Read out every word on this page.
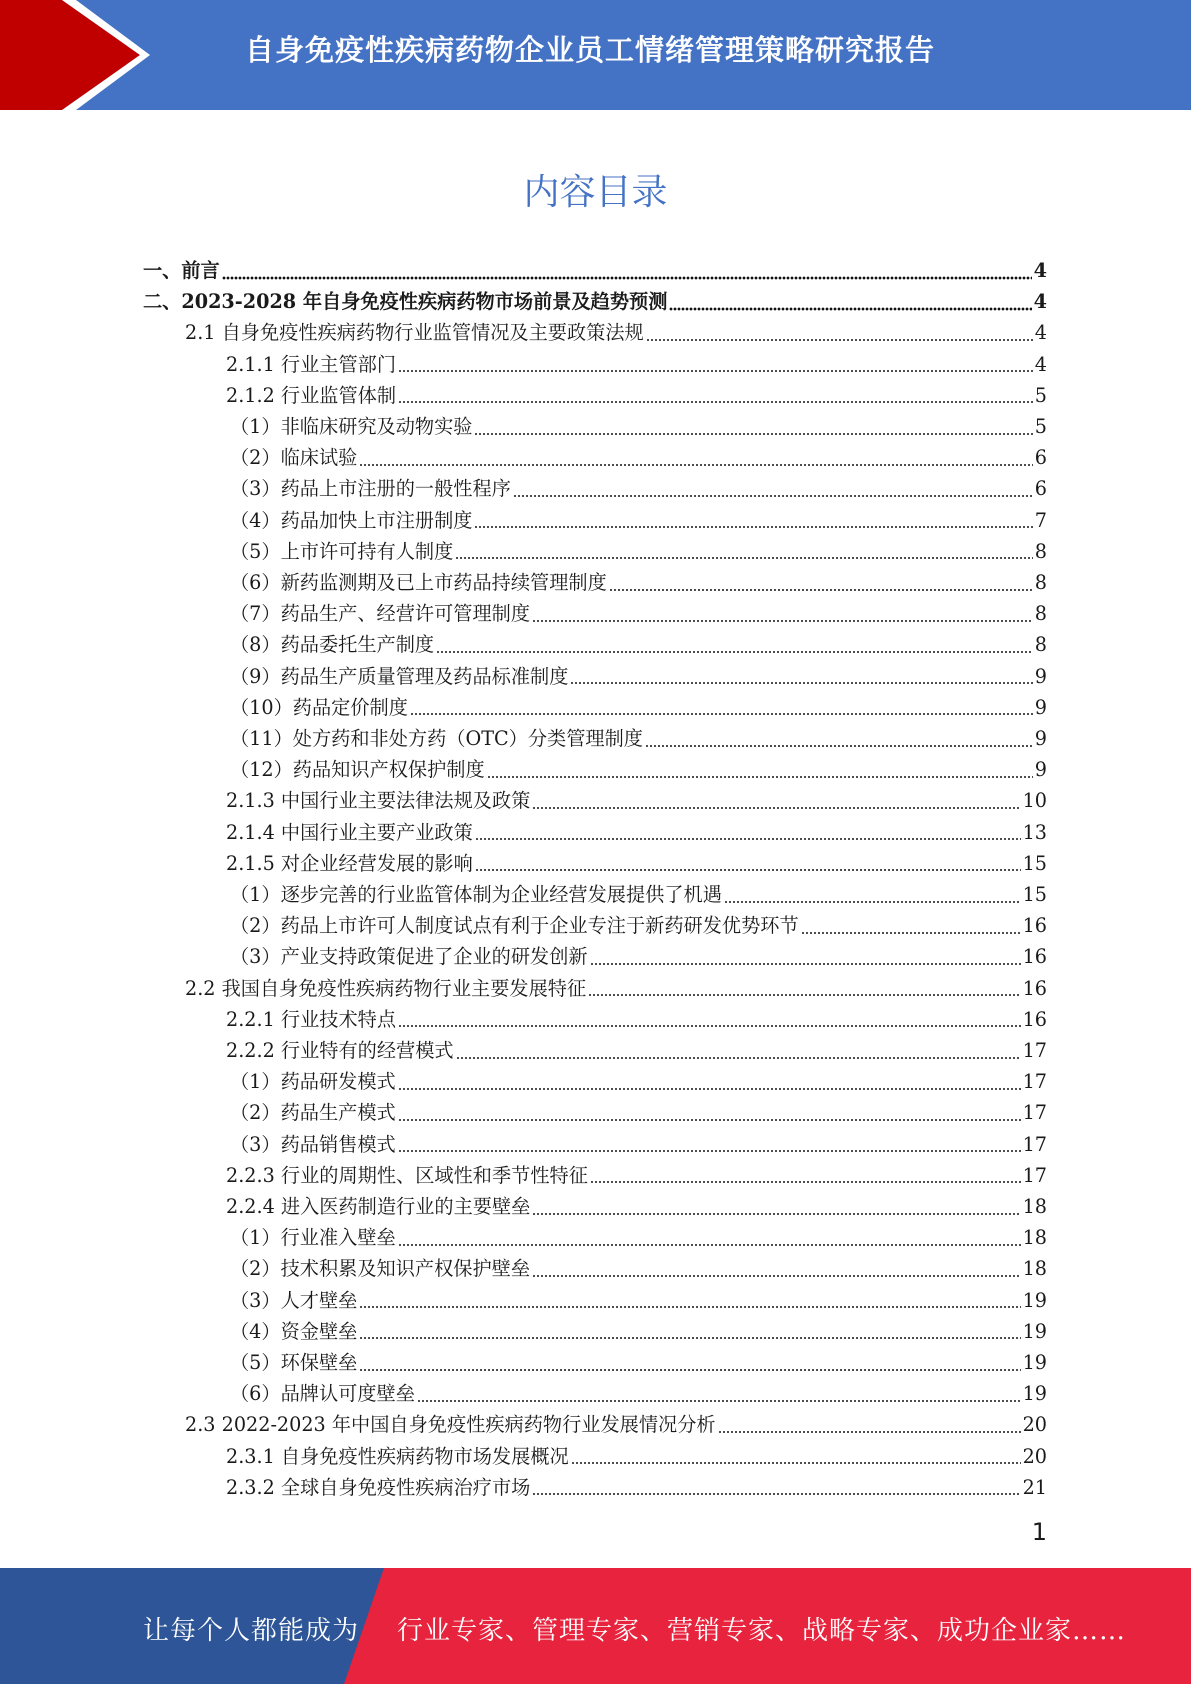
自身免疫性疾病药物企业员工情绪管理策略研究报告
内容目录
一、前言	4
二、2023-2028 年自身免疫性疾病药物市场前景及趋势预测	4
2.1 自身免疫性疾病药物行业监管情况及主要政策法规	4
2.1.1 行业主管部门	4
2.1.2 行业监管体制	5
（1）非临床研究及动物实验	5
（2）临床试验	6
（3）药品上市注册的一般性程序	6
（4）药品加快上市注册制度	7
（5）上市许可持有人制度	8
（6）新药监测期及已上市药品持续管理制度	8
（7）药品生产、经营许可管理制度	8
（8）药品委托生产制度	8
（9）药品生产质量管理及药品标准制度	9
（10）药品定价制度	9
（11）处方药和非处方药（OTC）分类管理制度	9
（12）药品知识产权保护制度	9
2.1.3 中国行业主要法律法规及政策	10
2.1.4 中国行业主要产业政策	13
2.1.5 对企业经营发展的影响	15
（1）逐步完善的行业监管体制为企业经营发展提供了机遇	15
（2）药品上市许可人制度试点有利于企业专注于新药研发优势环节	16
（3）产业支持政策促进了企业的研发创新	16
2.2 我国自身免疫性疾病药物行业主要发展特征	16
2.2.1 行业技术特点	16
2.2.2 行业特有的经营模式	17
（1）药品研发模式	17
（2）药品生产模式	17
（3）药品销售模式	17
2.2.3 行业的周期性、区域性和季节性特征	17
2.2.4 进入医药制造行业的主要壁垒	18
（1）行业准入壁垒	18
（2）技术积累及知识产权保护壁垒	18
（3）人才壁垒	19
（4）资金壁垒	19
（5）环保壁垒	19
（6）品牌认可度壁垒	19
2.3 2022-2023 年中国自身免疫性疾病药物行业发展情况分析	20
2.3.1 自身免疫性疾病药物市场发展概况	20
2.3.2 全球自身免疫性疾病治疗市场	21
1
让每个人都能成为 行业专家、管理专家、营销专家、战略专家、成功企业家……
